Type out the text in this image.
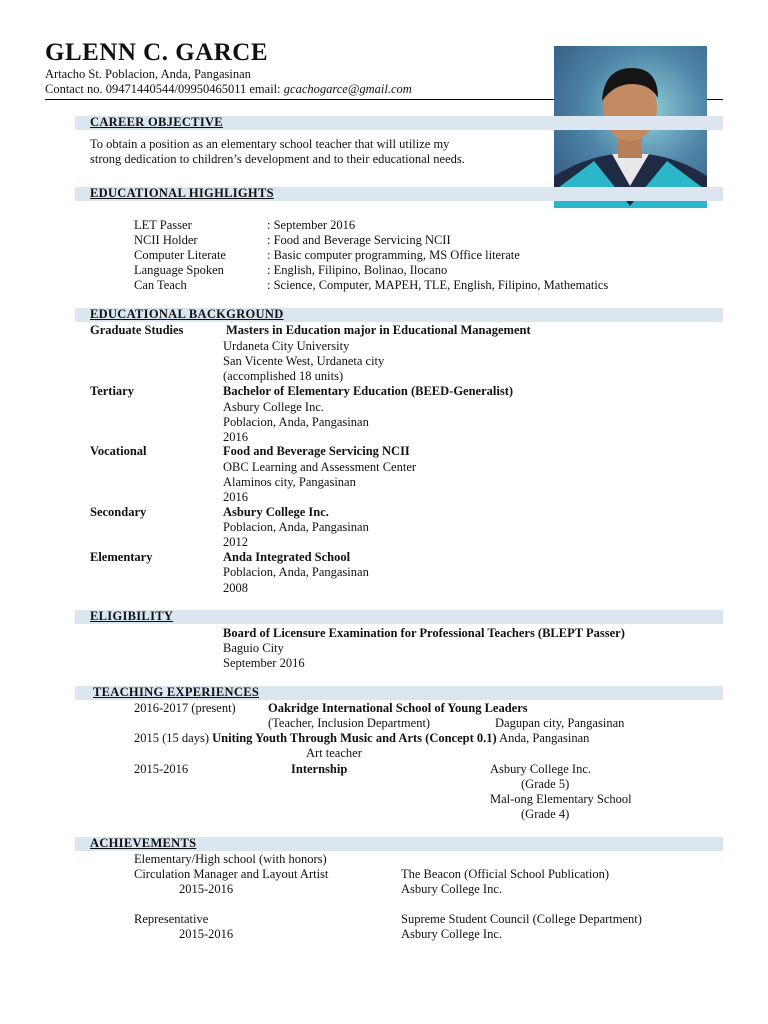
GLENN C. GARCE
Artacho St. Poblacion, Anda, Pangasinan
Contact no. 09471440544/09950465011 email: gcachogarce@gmail.com
CAREER OBJECTIVE
To obtain a position as an elementary school teacher that will utilize my
strong dedication to children’s development and to their educational needs.
EDUCATIONAL HIGHLIGHTS
LET Passer	: September 2016
NCII Holder	: Food and Beverage Servicing NCII
Computer Literate	: Basic computer programming, MS Office literate
Language Spoken	: English, Filipino, Bolinao, Ilocano
Can Teach	: Science, Computer, MAPEH, TLE, English, Filipino, Mathematics
EDUCATIONAL BACKGROUND
Graduate Studies	Masters in Education major in Educational Management
Urdaneta City University
San Vicente West, Urdaneta city
(accomplished 18 units)
Tertiary	Bachelor of Elementary Education (BEED-Generalist)
Asbury College Inc.
Poblacion, Anda, Pangasinan
2016
Vocational	Food and Beverage Servicing NCII
OBC Learning and Assessment Center
Alaminos city, Pangasinan
2016
Secondary	Asbury College Inc.
Poblacion, Anda, Pangasinan
2012
Elementary	Anda Integrated School
Poblacion, Anda, Pangasinan
2008
ELIGIBILITY
Board of Licensure Examination for Professional Teachers (BLEPT Passer)
Baguio City
September 2016
TEACHING EXPERIENCES
2016-2017 (present)	Oakridge International School of Young Leaders
(Teacher, Inclusion Department)	Dagupan city, Pangasinan
2015 (15 days) Uniting Youth Through Music and Arts (Concept 0.1) Anda, Pangasinan
Art teacher
2015-2016	Internship	Asbury College Inc.
(Grade 5)
Mal-ong Elementary School
(Grade 4)
ACHIEVEMENTS
Elementary/High school (with honors)
Circulation Manager and Layout Artist	The Beacon (Official School Publication)
2015-2016	Asbury College Inc.
Representative	Supreme Student Council (College Department)
2015-2016	Asbury College Inc.
